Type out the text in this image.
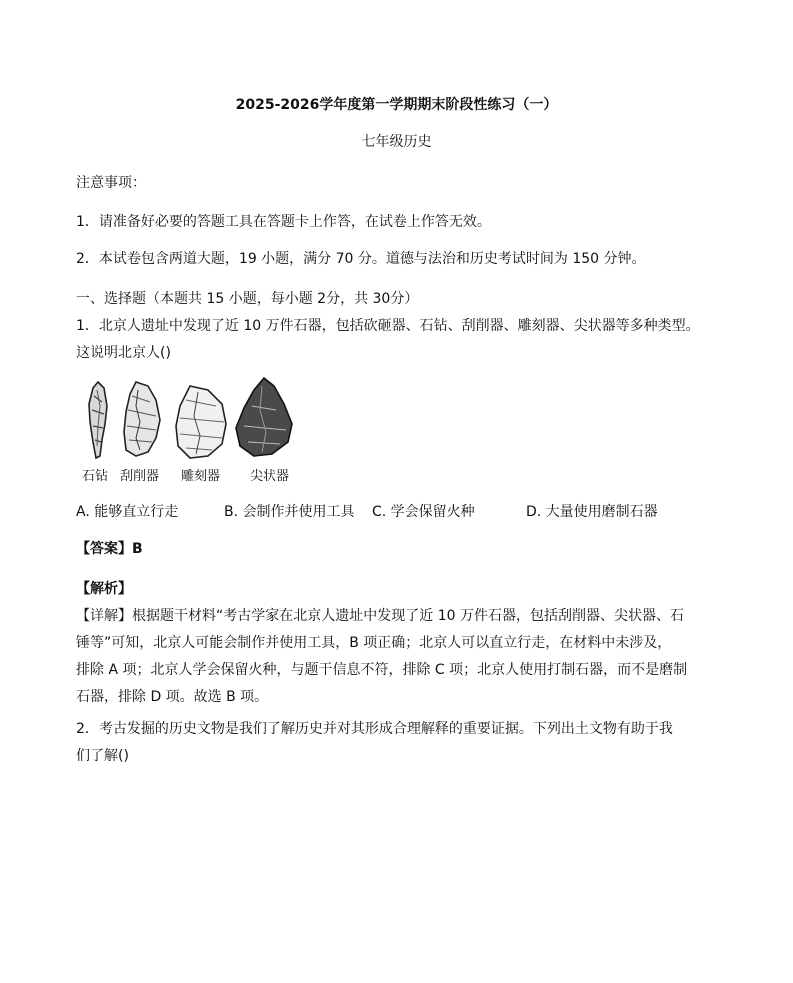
2025-2026学年度第一学期期末阶段性练习（一）
七年级历史
注意事项：
1．请准备好必要的答题工具在答题卡上作答，在试卷上作答无效。
2．本试卷包含两道大题，19 小题，满分 70 分。道德与法治和历史考试时间为 150 分钟。
一、选择题（本题共 15 小题，每小题 2分，共 30分）
1．北京人遗址中发现了近 10 万件石器，包括砍砸器、石钻、刮削器、雕刻器、尖状器等多种类型。
这说明北京人()
石钻 刮削器 雕刻器 尖状器
A. 能够直立行走	B. 会制作并使用工具 C. 学会保留火种	D. 大量使用磨制石器
【答案】B
【解析】
【详解】根据题干材料“考古学家在北京人遗址中发现了近 10 万件石器，包括刮削器、尖状器、石
锤等”可知，北京人可能会制作并使用工具，B 项正确；北京人可以直立行走，在材料中未涉及，
排除 A 项；北京人学会保留火种，与题干信息不符，排除 C 项；北京人使用打制石器，而不是磨制
石器，排除 D 项。故选 B 项。
2．考古发掘的历史文物是我们了解历史并对其形成合理解释的重要证据。下列出土文物有助于我
们了解()
